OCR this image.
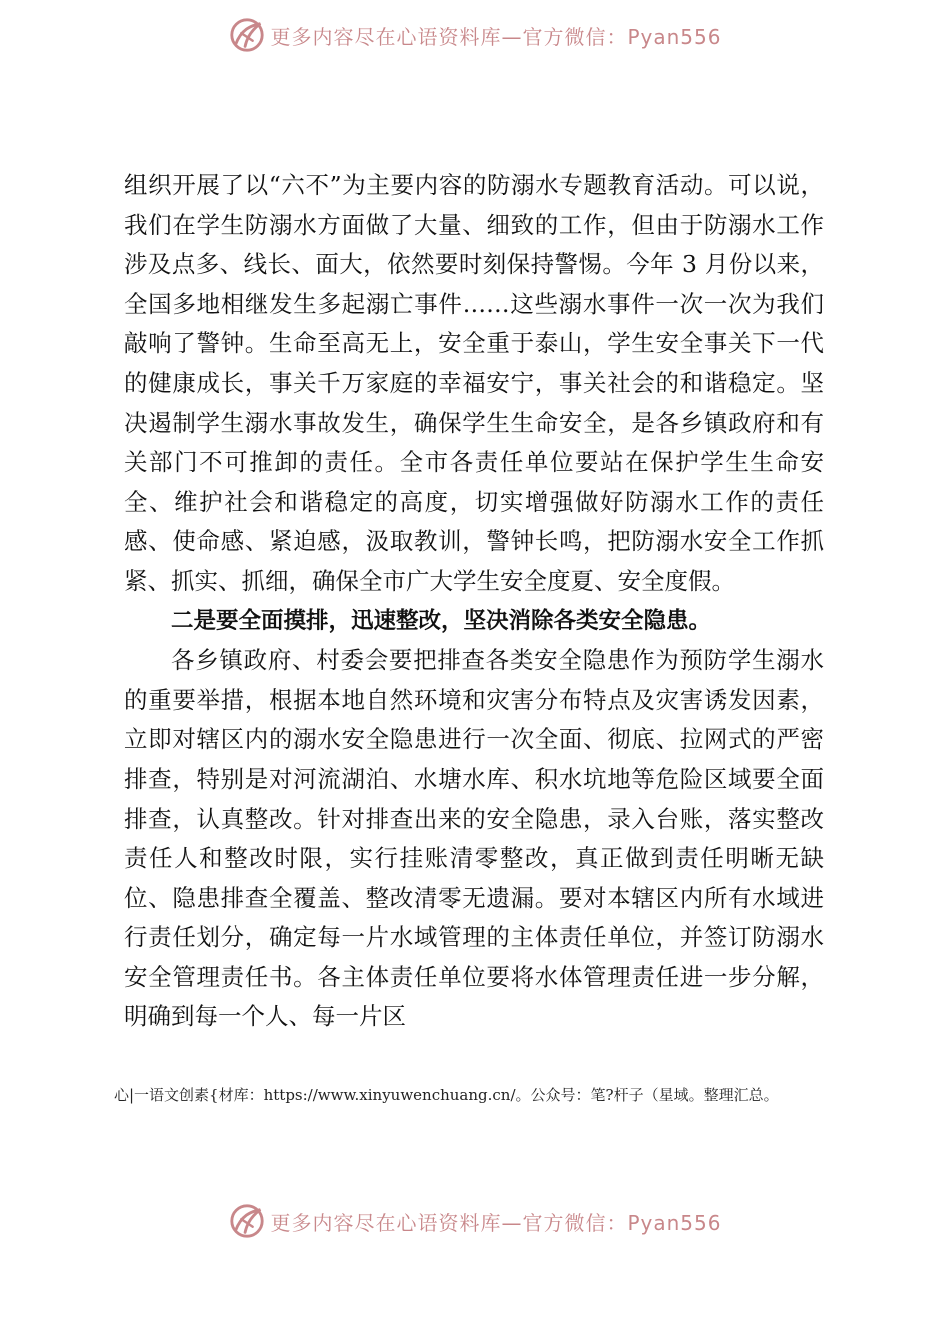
更多内容尽在心语资料库—官方微信：Pyan556

组织开展了以“六不”为主要内容的防溺水专题教育活动。可以说，我们在学生防溺水方面做了大量、细致的工作，但由于防溺水工作涉及点多、线长、面大，依然要时刻保持警惕。今年 3 月份以来，全国多地相继发生多起溺亡事件……这些溺水事件一次一次为我们敲响了警钟。生命至高无上，安全重于泰山，学生安全事关下一代的健康成长，事关千万家庭的幸福安宁，事关社会的和谐稳定。坚决遏制学生溺水事故发生，确保学生生命安全，是各乡镇政府和有关部门不可推卸的责任。全市各责任单位要站在保护学生生命安全、维护社会和谐稳定的高度，切实增强做好防溺水工作的责任感、使命感、紧迫感，汲取教训，警钟长鸣，把防溺水安全工作抓紧、抓实、抓细，确保全市广大学生安全度夏、安全度假。

二是要全面摸排，迅速整改，坚决消除各类安全隐患。

各乡镇政府、村委会要把排查各类安全隐患作为预防学生溺水的重要举措，根据本地自然环境和灾害分布特点及灾害诱发因素，立即对辖区内的溺水安全隐患进行一次全面、彻底、拉网式的严密排查，特别是对河流湖泊、水塘水库、积水坑地等危险区域要全面排查，认真整改。针对排查出来的安全隐患，录入台账，落实整改责任人和整改时限，实行挂账清零整改，真正做到责任明晰无缺位、隐患排查全覆盖、整改清零无遗漏。要对本辖区内所有水域进行责任划分，确定每一片水域管理的主体责任单位，并签订防溺水安全管理责任书。各主体责任单位要将水体管理责任进一步分解，明确到每一个人、每一片区

心|一语文创素{材库：https://www.xinyuwenchuang.cn/。公众号：笔?杆子（星域。整理汇总。
更多内容尽在心语资料库—官方微信：Pyan556
